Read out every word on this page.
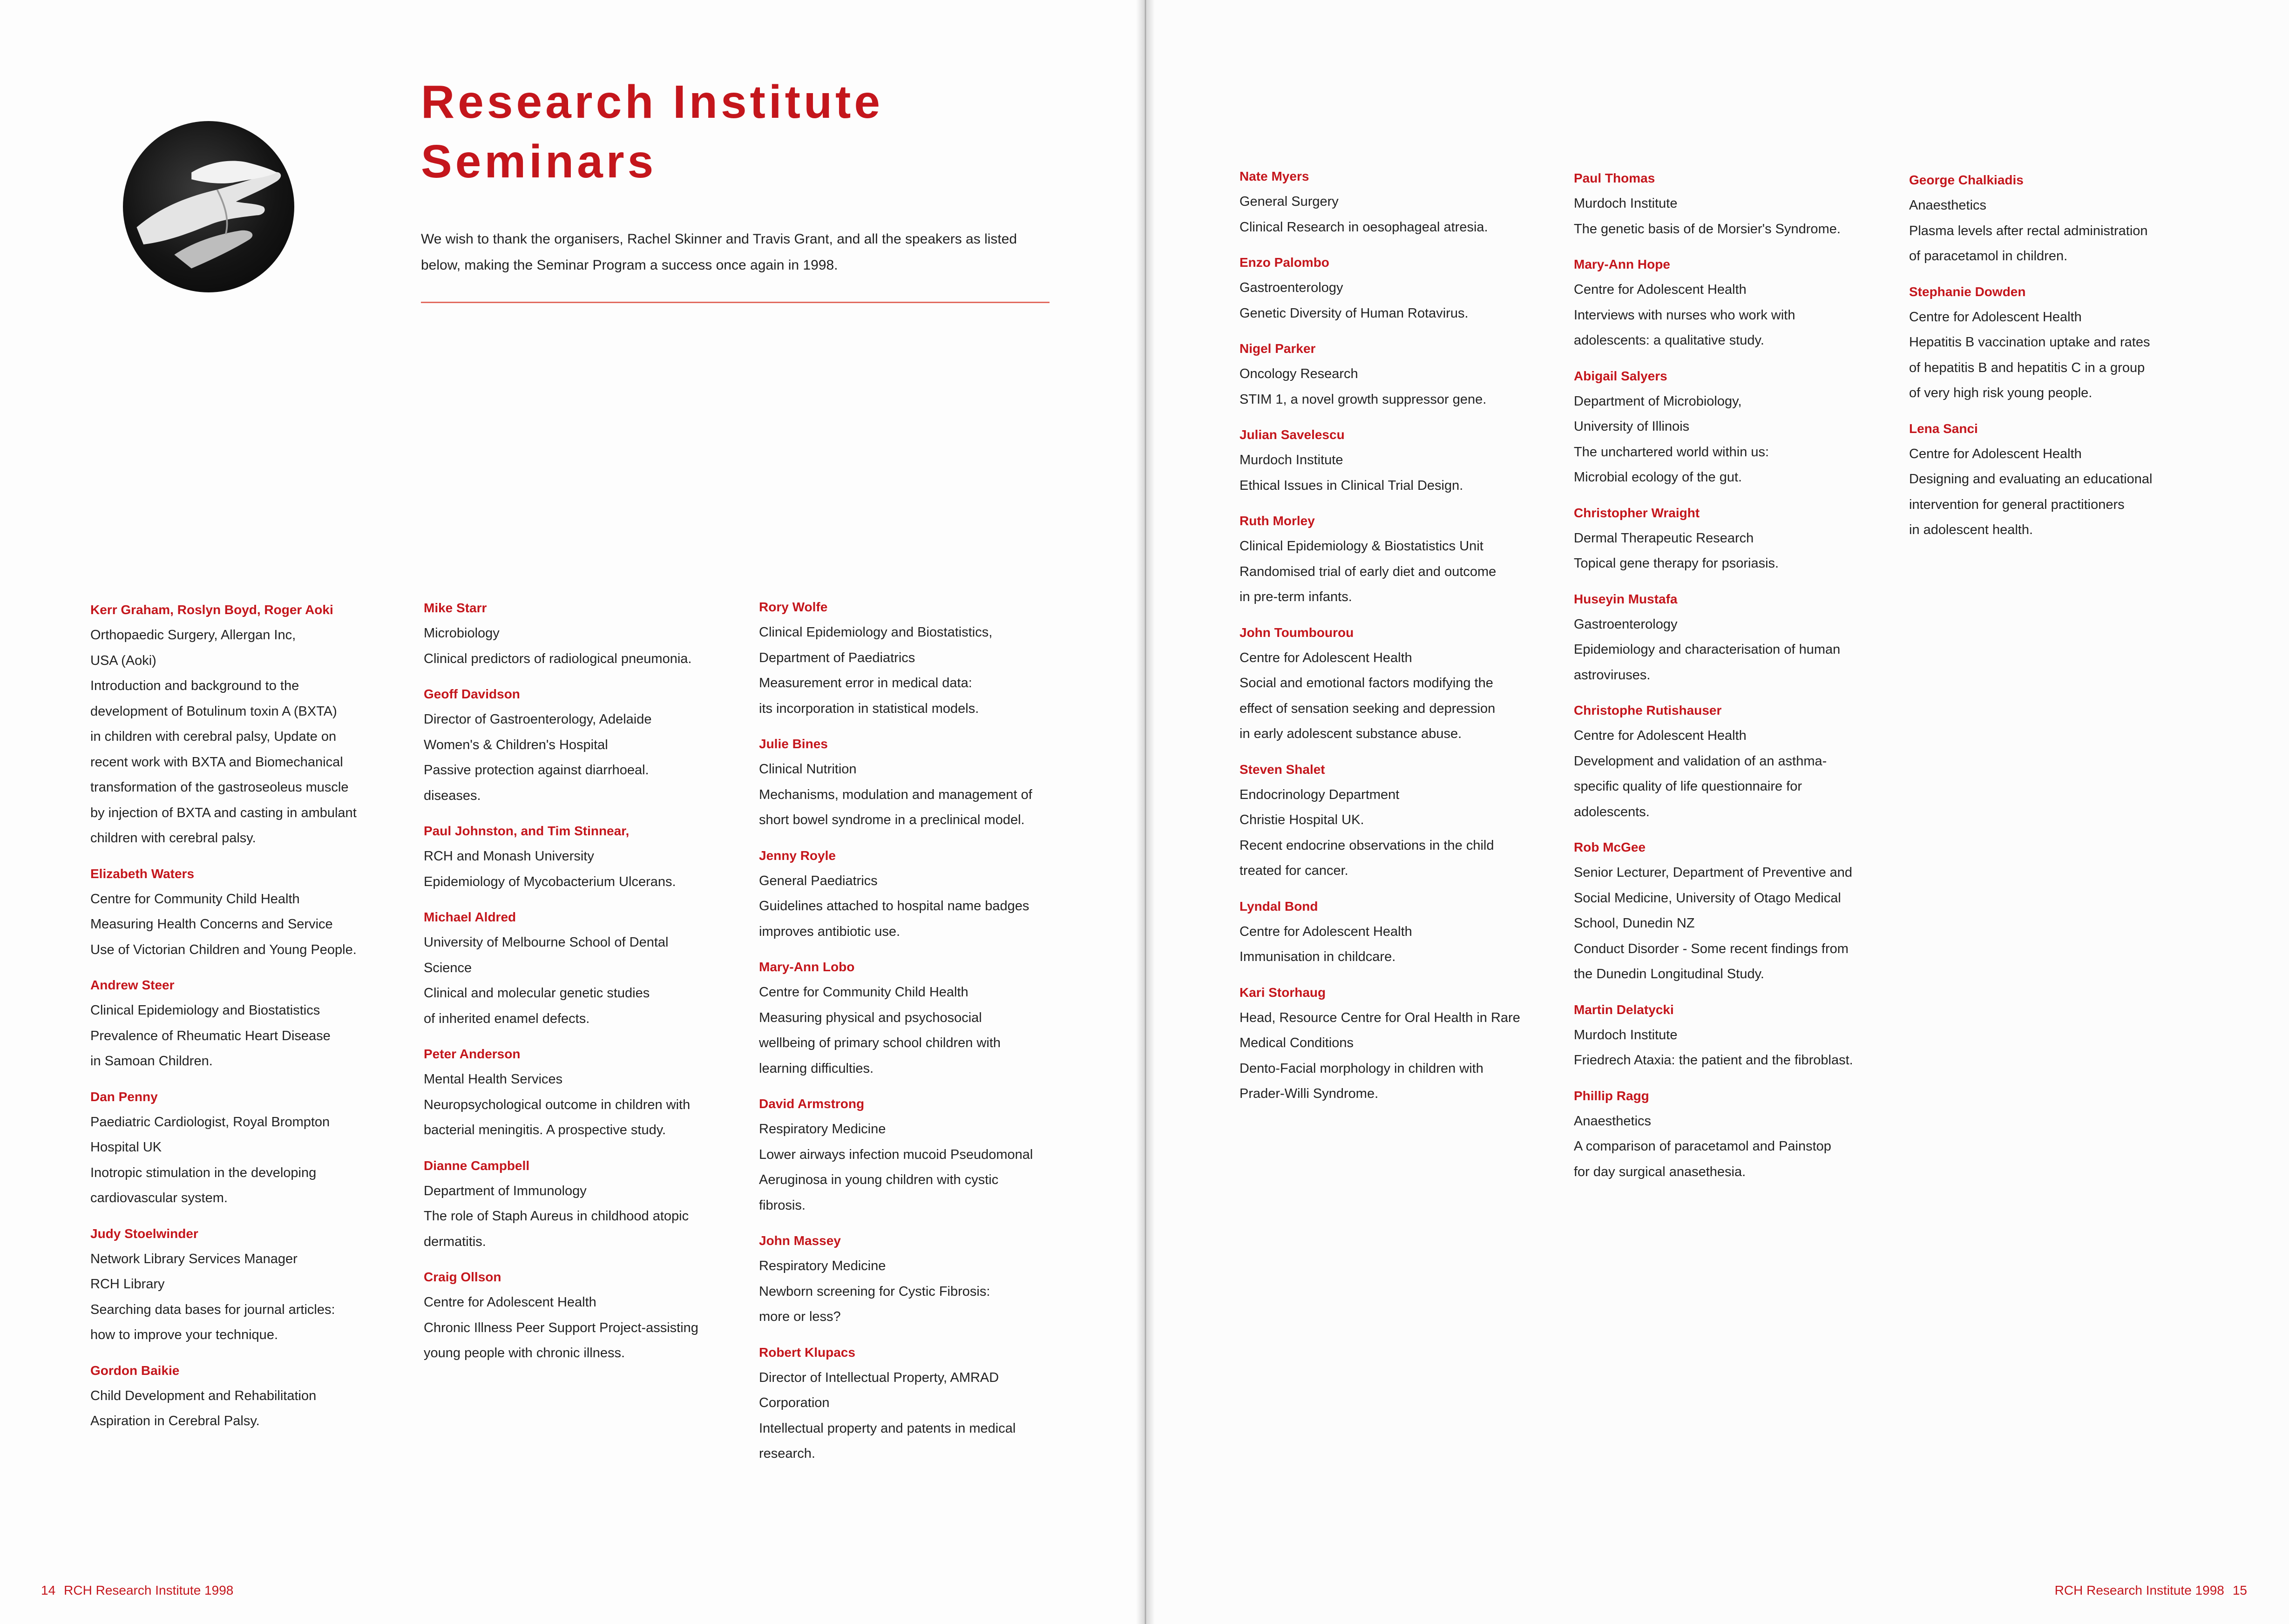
Research Institute
Seminars
We wish to thank the organisers, Rachel Skinner and Travis Grant, and all the speakers as listed below, making the Seminar Program a success once again in 1998.
Kerr Graham, Roslyn Boyd, Roger Aoki
Orthopaedic Surgery, Allergan Inc,
USA (Aoki)
Introduction and background to the
development of Botulinum toxin A (BXTA)
in children with cerebral palsy, Update on
recent work with BXTA and Biomechanical
transformation of the gastroseoleus muscle
by injection of BXTA and casting in ambulant
children with cerebral palsy.
Elizabeth Waters
Centre for Community Child Health
Measuring Health Concerns and Service
Use of Victorian Children and Young People.
Andrew Steer
Clinical Epidemiology and Biostatistics
Prevalence of Rheumatic Heart Disease
in Samoan Children.
Dan Penny
Paediatric Cardiologist, Royal Brompton
Hospital UK
Inotropic stimulation in the developing
cardiovascular system.
Judy Stoelwinder
Network Library Services Manager
RCH Library
Searching data bases for journal articles:
how to improve your technique.
Gordon Baikie
Child Development and Rehabilitation
Aspiration in Cerebral Palsy.
Mike Starr
Microbiology
Clinical predictors of radiological pneumonia.
Geoff Davidson
Director of Gastroenterology, Adelaide
Women's & Children's Hospital
Passive protection against diarrhoeal.
diseases.
Paul Johnston, and Tim Stinnear,
RCH and Monash University
Epidemiology of Mycobacterium Ulcerans.
Michael Aldred
University of Melbourne School of Dental
Science
Clinical and molecular genetic studies
of inherited enamel defects.
Peter Anderson
Mental Health Services
Neuropsychological outcome in children with
bacterial meningitis. A prospective study.
Dianne Campbell
Department of Immunology
The role of Staph Aureus in childhood atopic
dermatitis.
Craig Ollson
Centre for Adolescent Health
Chronic Illness Peer Support Project-assisting
young people with chronic illness.
Rory Wolfe
Clinical Epidemiology and Biostatistics,
Department of Paediatrics
Measurement error in medical data:
its incorporation in statistical models.
Julie Bines
Clinical Nutrition
Mechanisms, modulation and management of
short bowel syndrome in a preclinical model.
Jenny Royle
General Paediatrics
Guidelines attached to hospital name badges
improves antibiotic use.
Mary-Ann Lobo
Centre for Community Child Health
Measuring physical and psychosocial
wellbeing of primary school children with
learning difficulties.
David Armstrong
Respiratory Medicine
Lower airways infection mucoid Pseudomonal
Aeruginosa in young children with cystic
fibrosis.
John Massey
Respiratory Medicine
Newborn screening for Cystic Fibrosis:
more or less?
Robert Klupacs
Director of Intellectual Property, AMRAD
Corporation
Intellectual property and patents in medical
research.
Nate Myers
General Surgery
Clinical Research in oesophageal atresia.
Enzo Palombo
Gastroenterology
Genetic Diversity of Human Rotavirus.
Nigel Parker
Oncology Research
STIM 1, a novel growth suppressor gene.
Julian Savelescu
Murdoch Institute
Ethical Issues in Clinical Trial Design.
Ruth Morley
Clinical Epidemiology & Biostatistics Unit
Randomised trial of early diet and outcome
in pre-term infants.
John Toumbourou
Centre for Adolescent Health
Social and emotional factors modifying the
effect of sensation seeking and depression
in early adolescent substance abuse.
Steven Shalet
Endocrinology Department
Christie Hospital UK.
Recent endocrine observations in the child
treated for cancer.
Lyndal Bond
Centre for Adolescent Health
Immunisation in childcare.
Kari Storhaug
Head, Resource Centre for Oral Health in Rare
Medical Conditions
Dento-Facial morphology in children with
Prader-Willi Syndrome.
Paul Thomas
Murdoch Institute
The genetic basis of de Morsier's Syndrome.
Mary-Ann Hope
Centre for Adolescent Health
Interviews with nurses who work with
adolescents: a qualitative study.
Abigail Salyers
Department of Microbiology,
University of Illinois
The unchartered world within us:
Microbial ecology of the gut.
Christopher Wraight
Dermal Therapeutic Research
Topical gene therapy for psoriasis.
Huseyin Mustafa
Gastroenterology
Epidemiology and characterisation of human
astroviruses.
Christophe Rutishauser
Centre for Adolescent Health
Development and validation of an asthma-
specific quality of life questionnaire for
adolescents.
Rob McGee
Senior Lecturer, Department of Preventive and
Social Medicine, University of Otago Medical
School, Dunedin NZ
Conduct Disorder - Some recent findings from
the Dunedin Longitudinal Study.
Martin Delatycki
Murdoch Institute
Friedrech Ataxia: the patient and the fibroblast.
Phillip Ragg
Anaesthetics
A comparison of paracetamol and Painstop
for day surgical anasethesia.
George Chalkiadis
Anaesthetics
Plasma levels after rectal administration
of paracetamol in children.
Stephanie Dowden
Centre for Adolescent Health
Hepatitis B vaccination uptake and rates
of hepatitis B and hepatitis C in a group
of very high risk young people.
Lena Sanci
Centre for Adolescent Health
Designing and evaluating an educational
intervention for general practitioners
in adolescent health.
14 RCH Research Institute 1998	RCH Research Institute 1998 15
